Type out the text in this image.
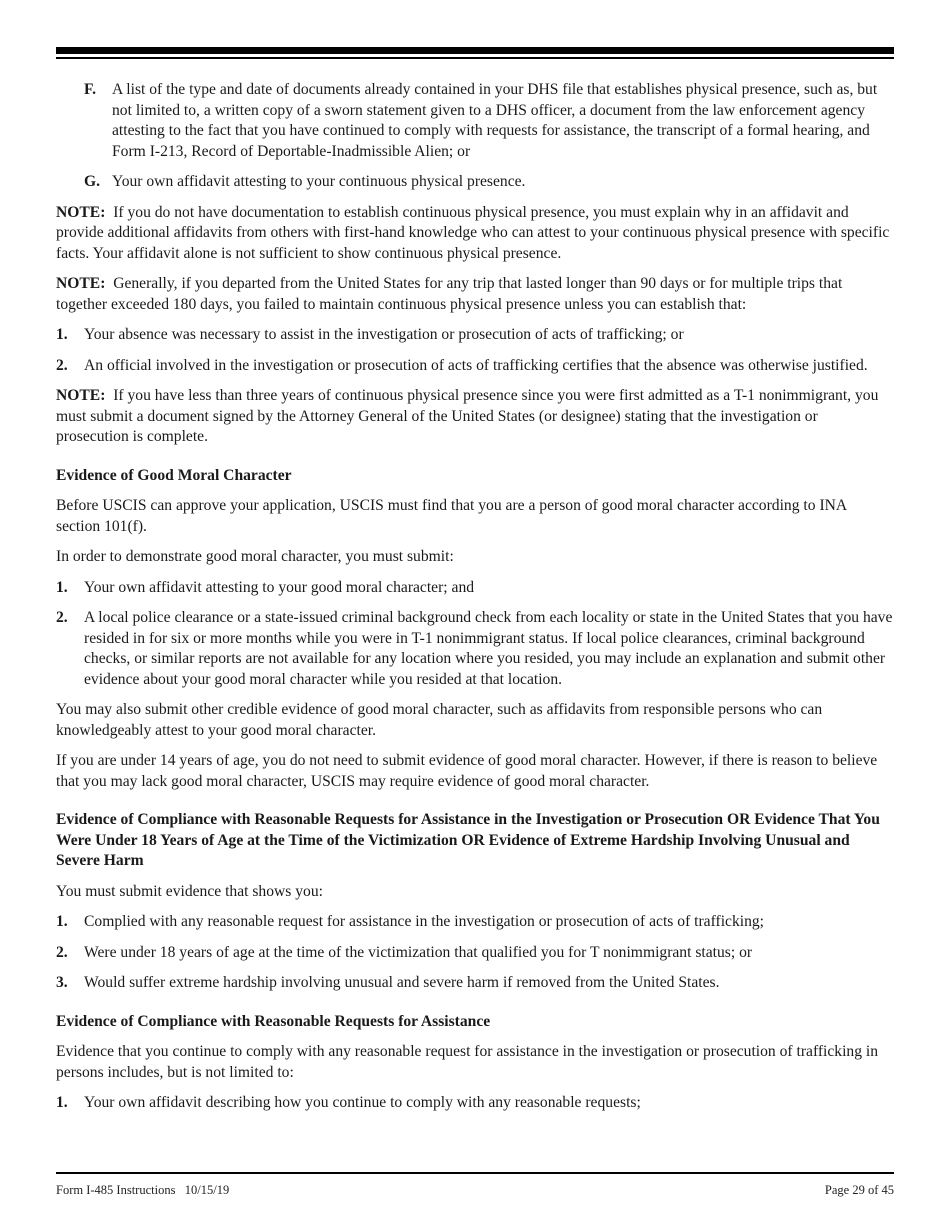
F.	A list of the type and date of documents already contained in your DHS file that establishes physical presence, such as, but not limited to, a written copy of a sworn statement given to a DHS officer, a document from the law enforcement agency attesting to the fact that you have continued to comply with requests for assistance, the transcript of a formal hearing, and Form I-213, Record of Deportable-Inadmissible Alien; or
G. Your own affidavit attesting to your continuous physical presence.

NOTE: If you do not have documentation to establish continuous physical presence, you must explain why in an affidavit and provide additional affidavits from others with first-hand knowledge who can attest to your continuous physical presence with specific facts. Your affidavit alone is not sufficient to show continuous physical presence.

NOTE: Generally, if you departed from the United States for any trip that lasted longer than 90 days or for multiple trips that together exceeded 180 days, you failed to maintain continuous physical presence unless you can establish that:

1.	Your absence was necessary to assist in the investigation or prosecution of acts of trafficking; or
2.	An official involved in the investigation or prosecution of acts of trafficking certifies that the absence was otherwise justified.

NOTE: If you have less than three years of continuous physical presence since you were first admitted as a T-1 nonimmigrant, you must submit a document signed by the Attorney General of the United States (or designee) stating that the investigation or prosecution is complete.

Evidence of Good Moral Character

Before USCIS can approve your application, USCIS must find that you are a person of good moral character according to INA section 101(f).

In order to demonstrate good moral character, you must submit:

1.	Your own affidavit attesting to your good moral character; and
2.	A local police clearance or a state-issued criminal background check from each locality or state in the United States that you have resided in for six or more months while you were in T-1 nonimmigrant status. If local police clearances, criminal background checks, or similar reports are not available for any location where you resided, you may include an explanation and submit other evidence about your good moral character while you resided at that location.

You may also submit other credible evidence of good moral character, such as affidavits from responsible persons who can knowledgeably attest to your good moral character.

If you are under 14 years of age, you do not need to submit evidence of good moral character. However, if there is reason to believe that you may lack good moral character, USCIS may require evidence of good moral character.

Evidence of Compliance with Reasonable Requests for Assistance in the Investigation or Prosecution OR Evidence That You Were Under 18 Years of Age at the Time of the Victimization OR Evidence of Extreme Hardship Involving Unusual and Severe Harm

You must submit evidence that shows you:

1.	Complied with any reasonable request for assistance in the investigation or prosecution of acts of trafficking;
2.	Were under 18 years of age at the time of the victimization that qualified you for T nonimmigrant status; or
3.	Would suffer extreme hardship involving unusual and severe harm if removed from the United States.
Evidence of Compliance with Reasonable Requests for Assistance

Evidence that you continue to comply with any reasonable request for assistance in the investigation or prosecution of trafficking in persons includes, but is not limited to:

1.	Your own affidavit describing how you continue to comply with any reasonable requests;
Form I-485 Instructions   10/15/19	Page 29 of 45
